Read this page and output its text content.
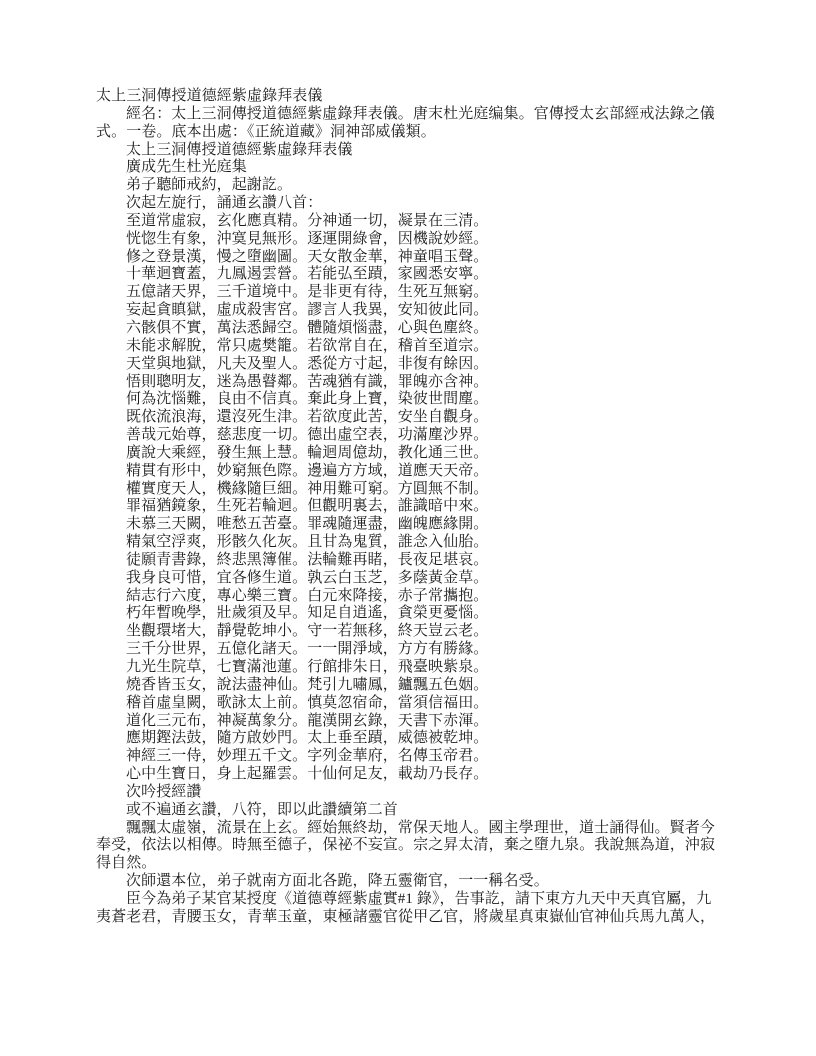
太上三洞傳授道德經紫虛錄拜表儀
經名：太上三洞傳授道德經紫虛錄拜表儀。唐末杜光庭编集。官傳授太玄部經戒法錄之儀
式。一卷。底本出處：《正統道藏》洞神部威儀類。
太上三洞傳授道德經紫虛錄拜表儀
廣成先生杜光庭集
弟子聽師戒約，起謝訖。
次起左旋行，誦通玄讚八首：
至道常虛寂，玄化應真精。分神通一切，凝景在三清。
恍惚生有象，沖寞見無形。逐運開綠會，因機說妙經。
修之登景漢，慢之墮幽圖。天女散金華，神童唱玉聲。
十華迴寶蓋，九鳳遏雲營。若能弘至蹟，家國悉安寧。
五億諸天界，三千道境中。是非更有待，生死互無窮。
妄起貪瞋獄，虛成殺害宮。謬言人我異，安知彼此同。
六骸俱不實，萬法悉歸空。體隨煩惱盡，心與色塵終。
未能求解脫，常只處樊籠。若欲常自在，稽首至道宗。
天堂與地獄，凡夫及聖人。悉從方寸起，非復有餘因。
悟則聰明友，迷為愚瞽鄰。苦魂猶有識，罪魄亦含神。
何為沈惱難，良由不信真。棄此身上寶，染彼世間塵。
既依流浪海，還沒死生津。若欲度此苦，安坐自觀身。
善哉元始尊，慈悲度一切。德出虛空表，功滿塵沙界。
廣說大乘經，發生無上慧。輪迴周億劫，教化通三世。
精貫有形中，妙窮無色際。邊遍方方域，道應天天帝。
權實度天人，機緣隨巨細。神用難可窮。方圓無不制。
罪福猶鏡象，生死若輪迴。但觀明裏去，誰識暗中來。
未慕三天闕，唯愁五苦臺。罪魂隨運盡，幽魄應緣開。
精氣空浮爽，形骸久化灰。且甘為鬼質，誰念入仙胎。
徒願青書錄，終悲黑簿催。法輪難再睹，長夜足堪哀。
我身良可惜，宜各修生道。孰云白玉芝，多蔭黃金草。
結志行六度，專心樂三寶。白元來降接，赤子常攜抱。
朽年暫晚學，壯歲須及早。知足自逍遙，貪榮更憂惱。
坐觀環堵大，靜覺乾坤小。守一若無移，終天豈云老。
三千分世界，五億化諸天。一一開淨域，方方有勝緣。
九光生院草，七寶滿池蓮。行館排朱日，飛臺映紫泉。
燒香皆玉女，說法盡神仙。梵引九嘯鳳，鑪飄五色姻。
稽首虛皇闕，歌詠太上前。慎莫忽宿命，當須信福田。
道化三元布，神凝萬象分。龍漢開玄錄，天書下赤渾。
應期鏗法鼓，隨方啟妙門。太上垂至蹟，威德被乾坤。
神經三一侍，妙理五千文。字列金華府，名傳玉帝君。
心中生寶日，身上起羅雲。十仙何足友，載劫乃長存。
次吟授經讚
或不遍通玄讚，八符，即以此讚續第二首
飄飄太虛嶺，流景在上玄。經始無終劫，常保天地人。國主學理世，道士誦得仙。賢者今
奉受，依法以相傳。時無至德子，保祕不妄宣。宗之昇太清，棄之墮九泉。我說無為道，沖寂
得自然。
次師還本位，弟子就南方面北各跪，降五靈衛官，一一稱名受。
臣今為弟子某官某授度《道德尊經紫虛實#1 錄》，告事訖，請下東方九天中天真官屬，九
夷蒼老君，青腰玉女，青華玉童，東極諸靈官從甲乙官，將歲星真東嶽仙官神仙兵馬九萬人，
